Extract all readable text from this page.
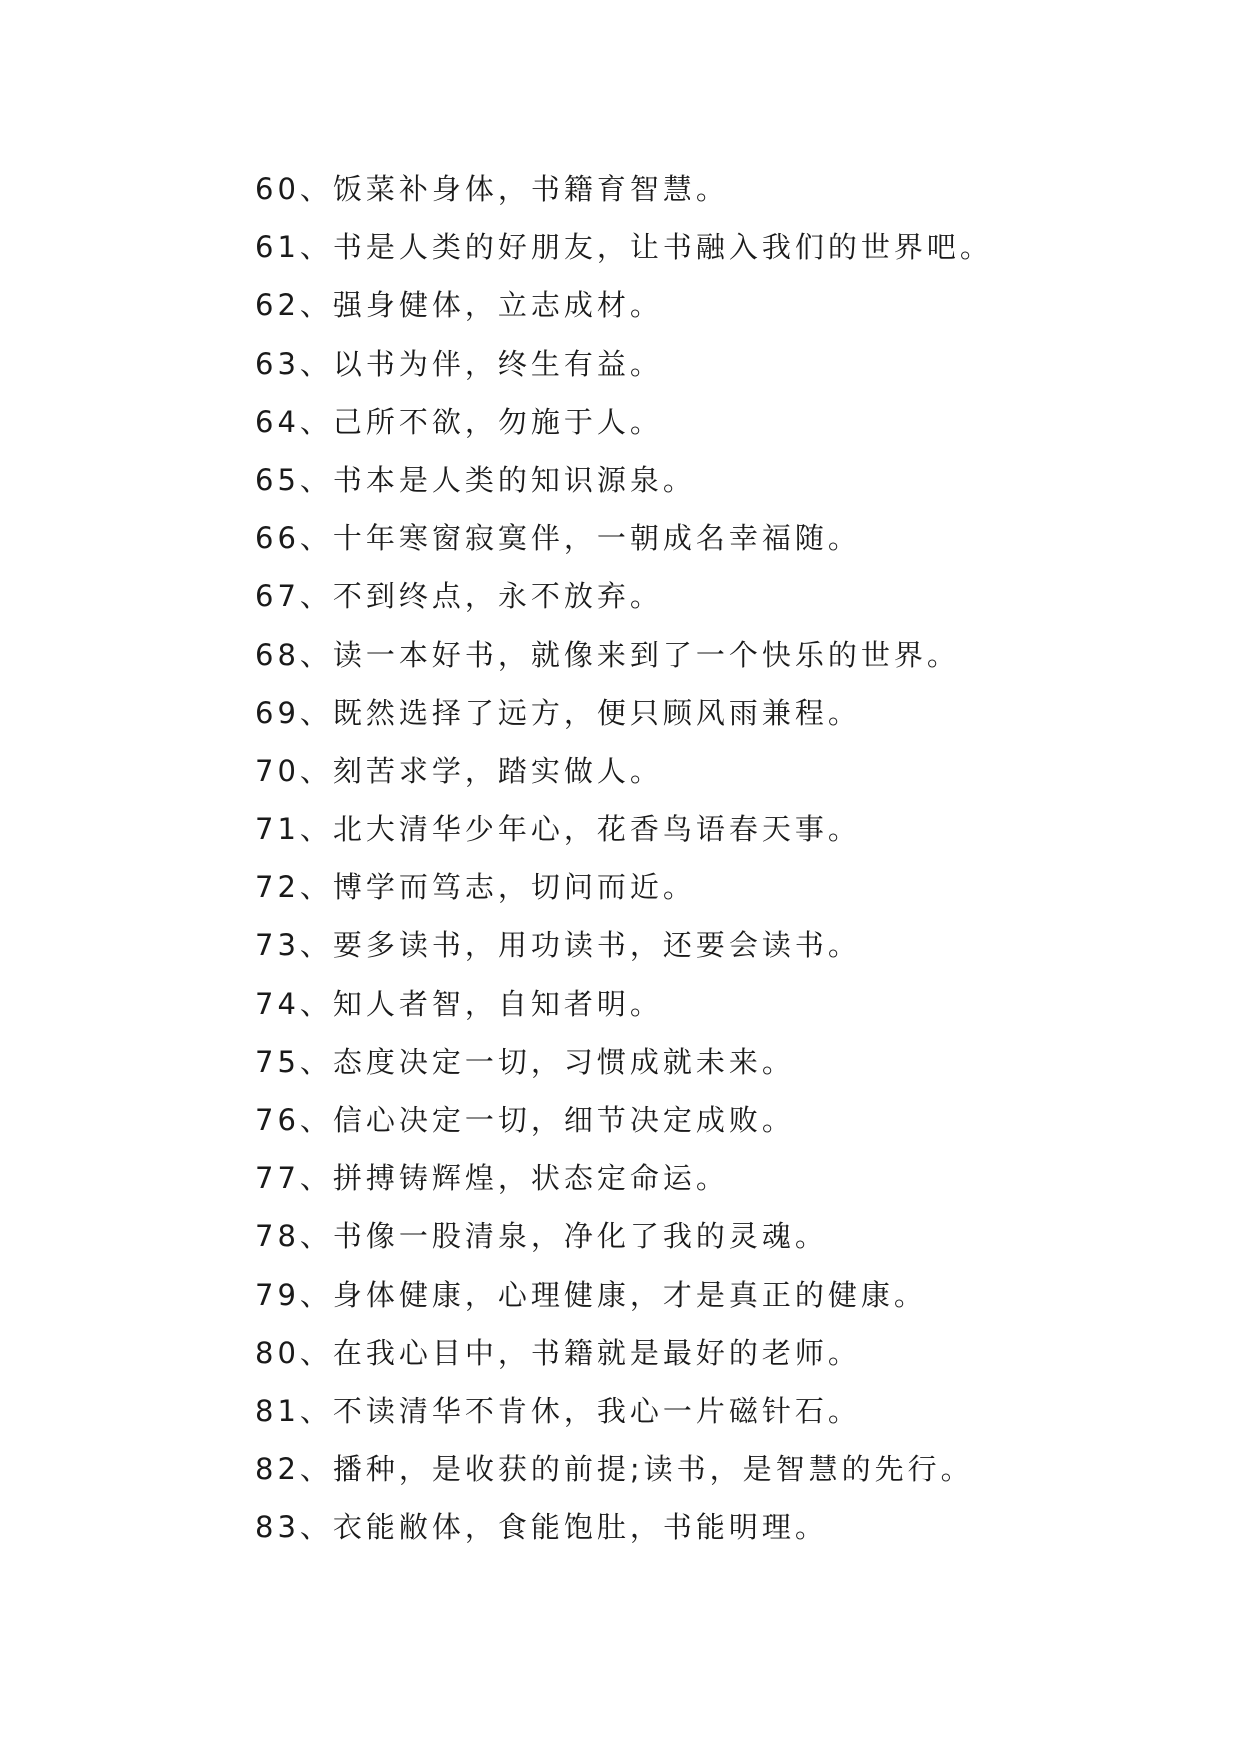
60、饭菜补身体，书籍育智慧。
61、书是人类的好朋友，让书融入我们的世界吧。
62、强身健体，立志成材。
63、以书为伴，终生有益。
64、己所不欲，勿施于人。
65、书本是人类的知识源泉。
66、十年寒窗寂寞伴，一朝成名幸福随。
67、不到终点，永不放弃。
68、读一本好书，就像来到了一个快乐的世界。
69、既然选择了远方，便只顾风雨兼程。
70、刻苦求学，踏实做人。
71、北大清华少年心，花香鸟语春天事。
72、博学而笃志，切问而近。
73、要多读书，用功读书，还要会读书。
74、知人者智，自知者明。
75、态度决定一切，习惯成就未来。
76、信心决定一切，细节决定成败。
77、拼搏铸辉煌，状态定命运。
78、书像一股清泉，净化了我的灵魂。
79、身体健康，心理健康，才是真正的健康。
80、在我心目中，书籍就是最好的老师。
81、不读清华不肯休，我心一片磁针石。
82、播种，是收获的前提;读书，是智慧的先行。
83、衣能敝体，食能饱肚，书能明理。
